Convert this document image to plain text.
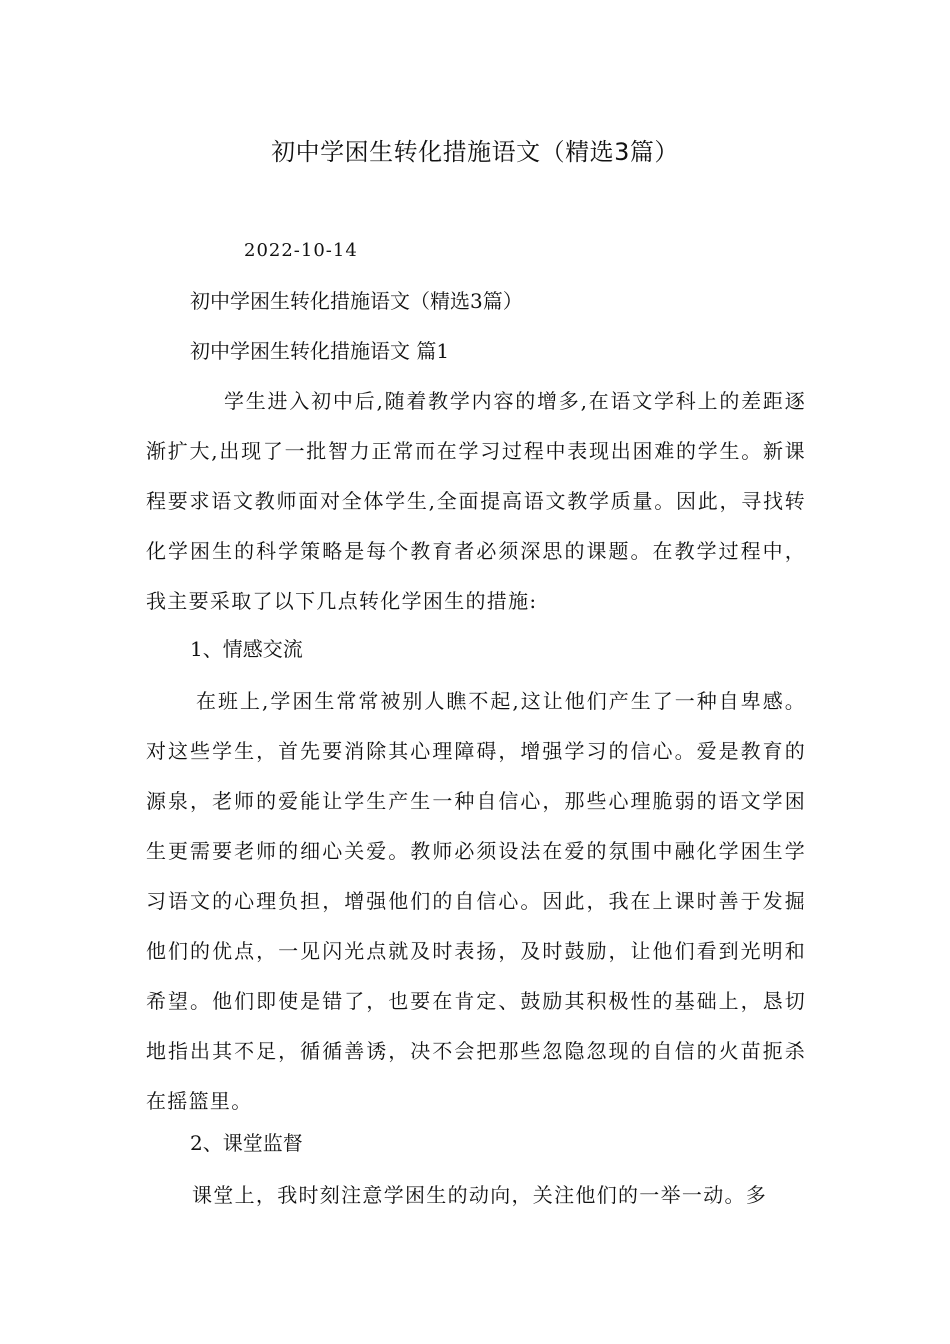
初中学困生转化措施语文（精选3篇）
2022-10-14
初中学困生转化措施语文（精选3篇）
初中学困生转化措施语文 篇1
学生进入初中后,随着教学内容的增多,在语文学科上的差距逐渐扩大,出现了一批智力正常而在学习过程中表现出困难的学生。新课程要求语文教师面对全体学生,全面提高语文教学质量。因此，寻找转化学困生的科学策略是每个教育者必须深思的课题。在教学过程中，我主要采取了以下几点转化学困生的措施:
1、情感交流
在班上,学困生常常被别人瞧不起,这让他们产生了一种自卑感。对这些学生，首先要消除其心理障碍，增强学习的信心。爱是教育的源泉，老师的爱能让学生产生一种自信心，那些心理脆弱的语文学困生更需要老师的细心关爱。教师必须设法在爱的氛围中融化学困生学习语文的心理负担，增强他们的自信心。因此，我在上课时善于发掘他们的优点，一见闪光点就及时表扬，及时鼓励，让他们看到光明和希望。他们即使是错了，也要在肯定、鼓励其积极性的基础上，恳切地指出其不足，循循善诱，决不会把那些忽隐忽现的自信的火苗扼杀在摇篮里。
2、课堂监督
课堂上，我时刻注意学困生的动向，关注他们的一举一动。多
